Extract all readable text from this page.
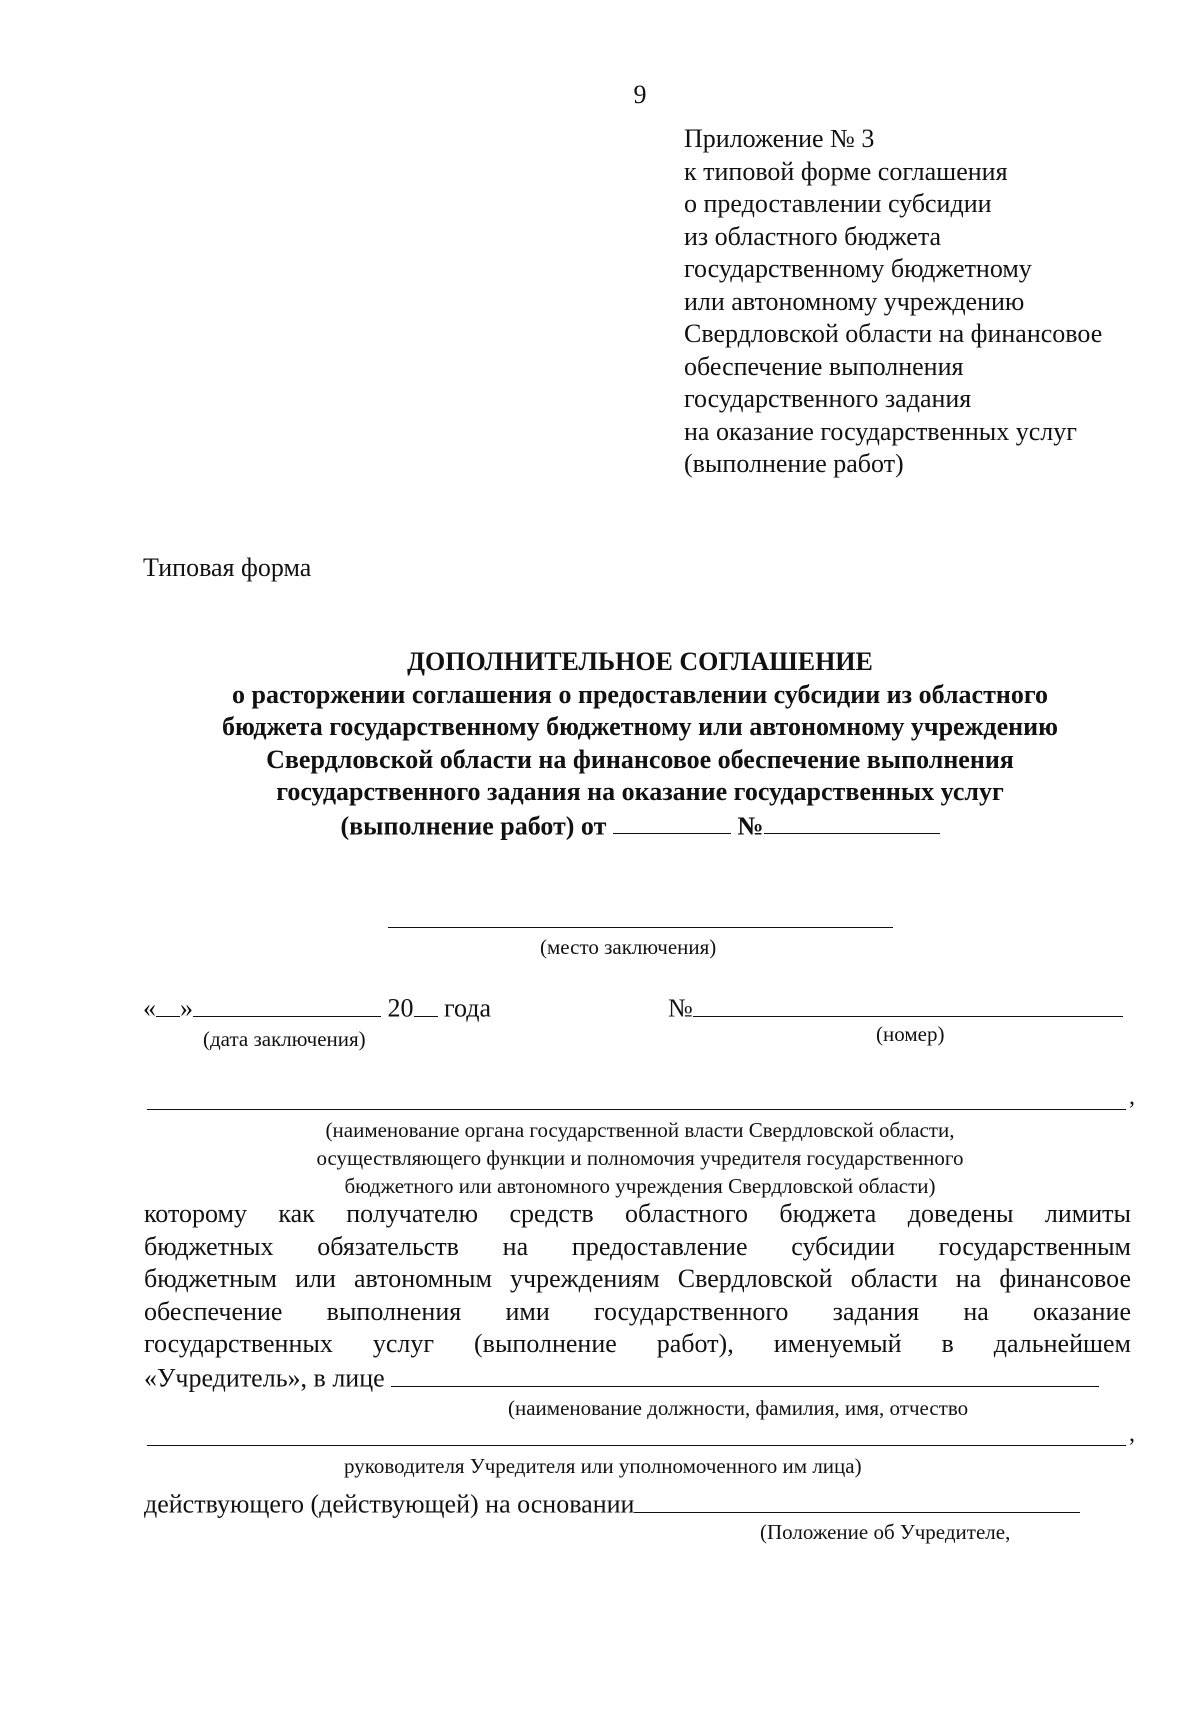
9
Приложение № 3
к типовой форме соглашения
о предоставлении субсидии
из областного бюджета
государственному бюджетному
или автономному учреждению
Свердловской области на финансовое
обеспечение выполнения
государственного задания
на оказание государственных услуг
(выполнение работ)
Типовая форма
ДОПОЛНИТЕЛЬНОЕ СОГЛАШЕНИЕ
о расторжении соглашения о предоставлении субсидии из областного
бюджета государственному бюджетному или автономному учреждению
Свердловской области на финансовое обеспечение выполнения
государственного задания на оказание государственных услуг
(выполнение работ) от	№
(место заключения)
« »	20 года	№
(дата заключения)	(номер)
,
(наименование органа государственной власти Свердловской области,
осуществляющего функции и полномочия учредителя государственного
бюджетного или автономного учреждения Свердловской области)
которому как получателю средств областного бюджета доведены лимиты
бюджетных обязательств на предоставление субсидии государственным
бюджетным или автономным учреждениям Свердловской области на финансовое
обеспечение выполнения ими государственного задания на оказание
государственных услуг (выполнение работ), именуемый в дальнейшем
«Учредитель», в лице
(наименование должности, фамилия, имя, отчество
,
руководителя Учредителя или уполномоченного им лица)
действующего (действующей) на основании
(Положение об Учредителе,
